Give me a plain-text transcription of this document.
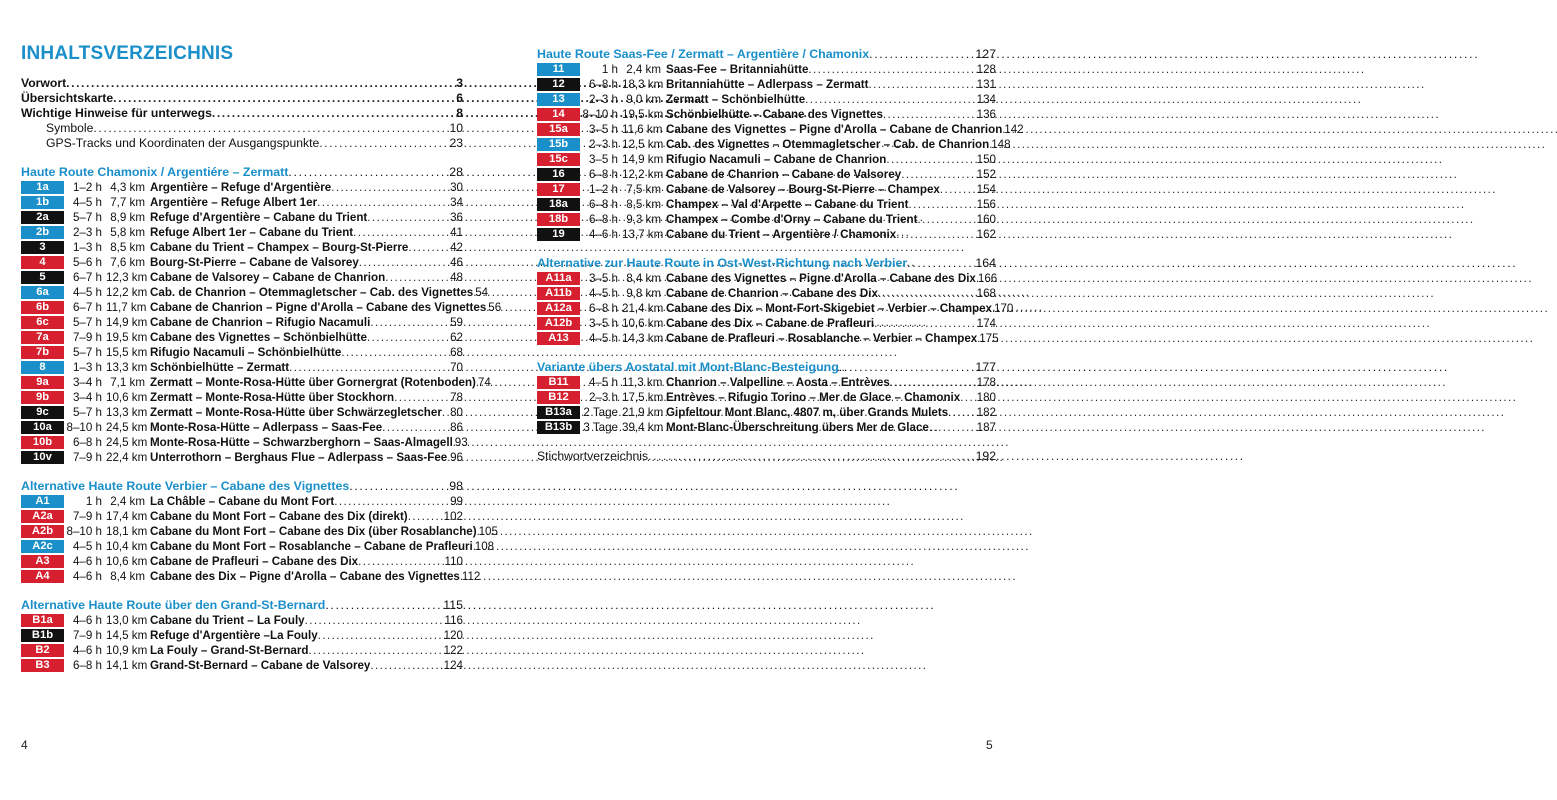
INHALTSVERZEICHNIS
Vorwort . . .	3
Übersichtskarte . . .	6
Wichtige Hinweise für unterwegs . . .	8
Symbole . . .	10
GPS-Tracks und Koordinaten der Ausgangspunkte . . .	23
Haute Route Chamonix / Argentiére – Zermatt . . .	28
1a	1–2 h 4,3 km Argentière – Refuge d'Argentière . . .	30
1b	4–5 h 7,7 km Argentière – Refuge Albert 1er . . .	34
2a	5–7 h 8,9 km Refuge d'Argentière – Cabane du Trient . . .	36
2b	2–3 h 5,8 km Refuge Albert 1er – Cabane du Trient . . .	41
3	1–3 h 8,5 km Cabane du Trient – Champex – Bourg-St-Pierre . . .	42
4	5–6 h 7,6 km Bourg-St-Pierre – Cabane de Valsorey . . .	46
5	6–7 h 12,3 km Cabane de Valsorey – Cabane de Chanrion . . .	48
6a	4–5 h 12,2 km Cab. de Chanrion – Otemmagletscher – Cab. des Vignettes 54
6b	6–7 h 11,7 km Cabane de Chanrion – Pigne d'Arolla – Cabane des Vignettes 56
6c	5–7 h 14,9 km Cabane de Chanrion – Rifugio Nacamuli . . .	59
7a	7–9 h 19,5 km Cabane des Vignettes – Schönbielhütte . . .	62
7b	5–7 h 15,5 km Rifugio Nacamuli – Schönbielhütte . . .	68
8	1–3 h 13,3 km Schönbielhütte – Zermatt . . .	70
9a	3–4 h 7,1 km Zermatt – Monte-Rosa-Hütte über Gornergrat (Rotenboden) 74
9b	3–4 h 10,6 km Zermatt – Monte-Rosa-Hütte über Stockhorn . . .	78
9c	5–7 h 13,3 km Zermatt – Monte-Rosa-Hütte über Schwärzegletscher . . . 80
10a	8–10 h 24,5 km Monte-Rosa-Hütte – Adlerpass – Saas-Fee . . .	86
10b	6–8 h 24,5 km Monte-Rosa-Hütte – Schwarzberghorn – Saas-Almagell 93
10v	7–9 h 22,4 km Unterrothorn – Berghaus Flue – Adlerpass – Saas-Fee . . . 96
Alternative Haute Route Verbier – Cabane des Vignettes . . .	98
A1	1 h 2,4 km La Châble – Cabane du Mont Fort . . .	99
A2a	7–9 h 17,4 km Cabane du Mont Fort – Cabane des Dix (direkt) . . .	102
A2b	8–10 h 18,1 km Cabane du Mont Fort – Cabane des Dix (über Rosablanche) 105
A2c	4–5 h 10,4 km Cabane du Mont Fort – Rosablanche – Cabane de Prafleuri 108
A3	4–6 h 10,6 km Cabane de Prafleuri – Cabane des Dix . . .	110
A4	4–6 h 8,4 km Cabane des Dix – Pigne d'Arolla – Cabane des Vignettes 112
Alternative Haute Route über den Grand-St-Bernard . . .	115
B1a	4–6 h 13,0 km Cabane du Trient – La Fouly . . .	116
B1b	7–9 h 14,5 km Refuge d'Argentière –La Fouly . . .	120
B2	4–6 h 10,9 km La Fouly – Grand-St-Bernard . . .	122
B3	6–8 h 14,1 km Grand-St-Bernard – Cabane de Valsorey . . .	124
4
Haute Route Saas-Fee / Zermatt – Argentière / Chamonix . . .	127
11	1 h 2,4 km Saas-Fee – Britanniahütte . . .	128
12	6–8 h 18,3 km Britanniahütte – Adlerpass – Zermatt . . .	131
13	2–3 h 9,0 km Zermatt – Schönbielhütte . . .	134
14	8–10 h 19,5 km Schönbielhütte – Cabane des Vignettes . . .	136
15a	3–5 h 11,6 km Cabane des Vignettes – Pigne d'Arolla – Cabane de Chanrion 142
15b	2–3 h 12,5 km Cab. des Vignettes – Otemmagletscher – Cab. de Chanrion 148
15c	3–5 h 14,9 km Rifugio Nacamuli – Cabane de Chanrion . . .	150
16	6–8 h 12,2 km Cabane de Chanrion – Cabane de Valsorey . . .	152
17	1–2 h 7,5 km Cabane de Valsorey – Bourg-St-Pierre – Champex . . .	154
18a	6–8 h 8,5 km Champex – Val d'Arpette – Cabane du Trient . . .	156
18b	6–8 h 9,3 km Champex – Combe d'Orny – Cabane du Trient . . .	160
19	4–6 h 13,7 km Cabane du Trient – Argentière / Chamonix . . .	162
Alternative zur Haute Route in Ost-West-Richtung nach Verbier . . .	164
A11a	3–5 h 8,4 km Cabane des Vignettes – Pigne d'Arolla – Cabane des Dix 166
A11b	4–5 h 9,8 km Cabane de Chanrion – Cabane des Dix . . .	168
A12a	6–8 h 21,4 km Cabane des Dix – Mont-Fort-Skigebiet – Verbier – Champex 170
A12b	3–5 h 10,6 km Cabane des Dix – Cabane de Prafleuri . . .	174
A13	4–5 h 14,3 km Cabane de Prafleuri – Rosablanche – Verbier – Champex 175
Variante übers Aostatal mit Mont-Blanc-Besteigung . . .	177
B11	4–5 h 11,3 km Chanrion – Valpelline – Aosta – Entrèves . . .	178
B12	2–3 h 17,5 km Entrèves – Rifugio Torino – Mer de Glace – Chamonix . . . 180
B13a 2 Tage 21,9 km Gipfeltour Mont Blanc, 4807 m, über Grands Mulets . . . 182
B13b 3 Tage 39,4 km Mont-Blanc-Überschreitung übers Mer de Glace . . .	187
Stichwortverzeichnis . . .	192
5
